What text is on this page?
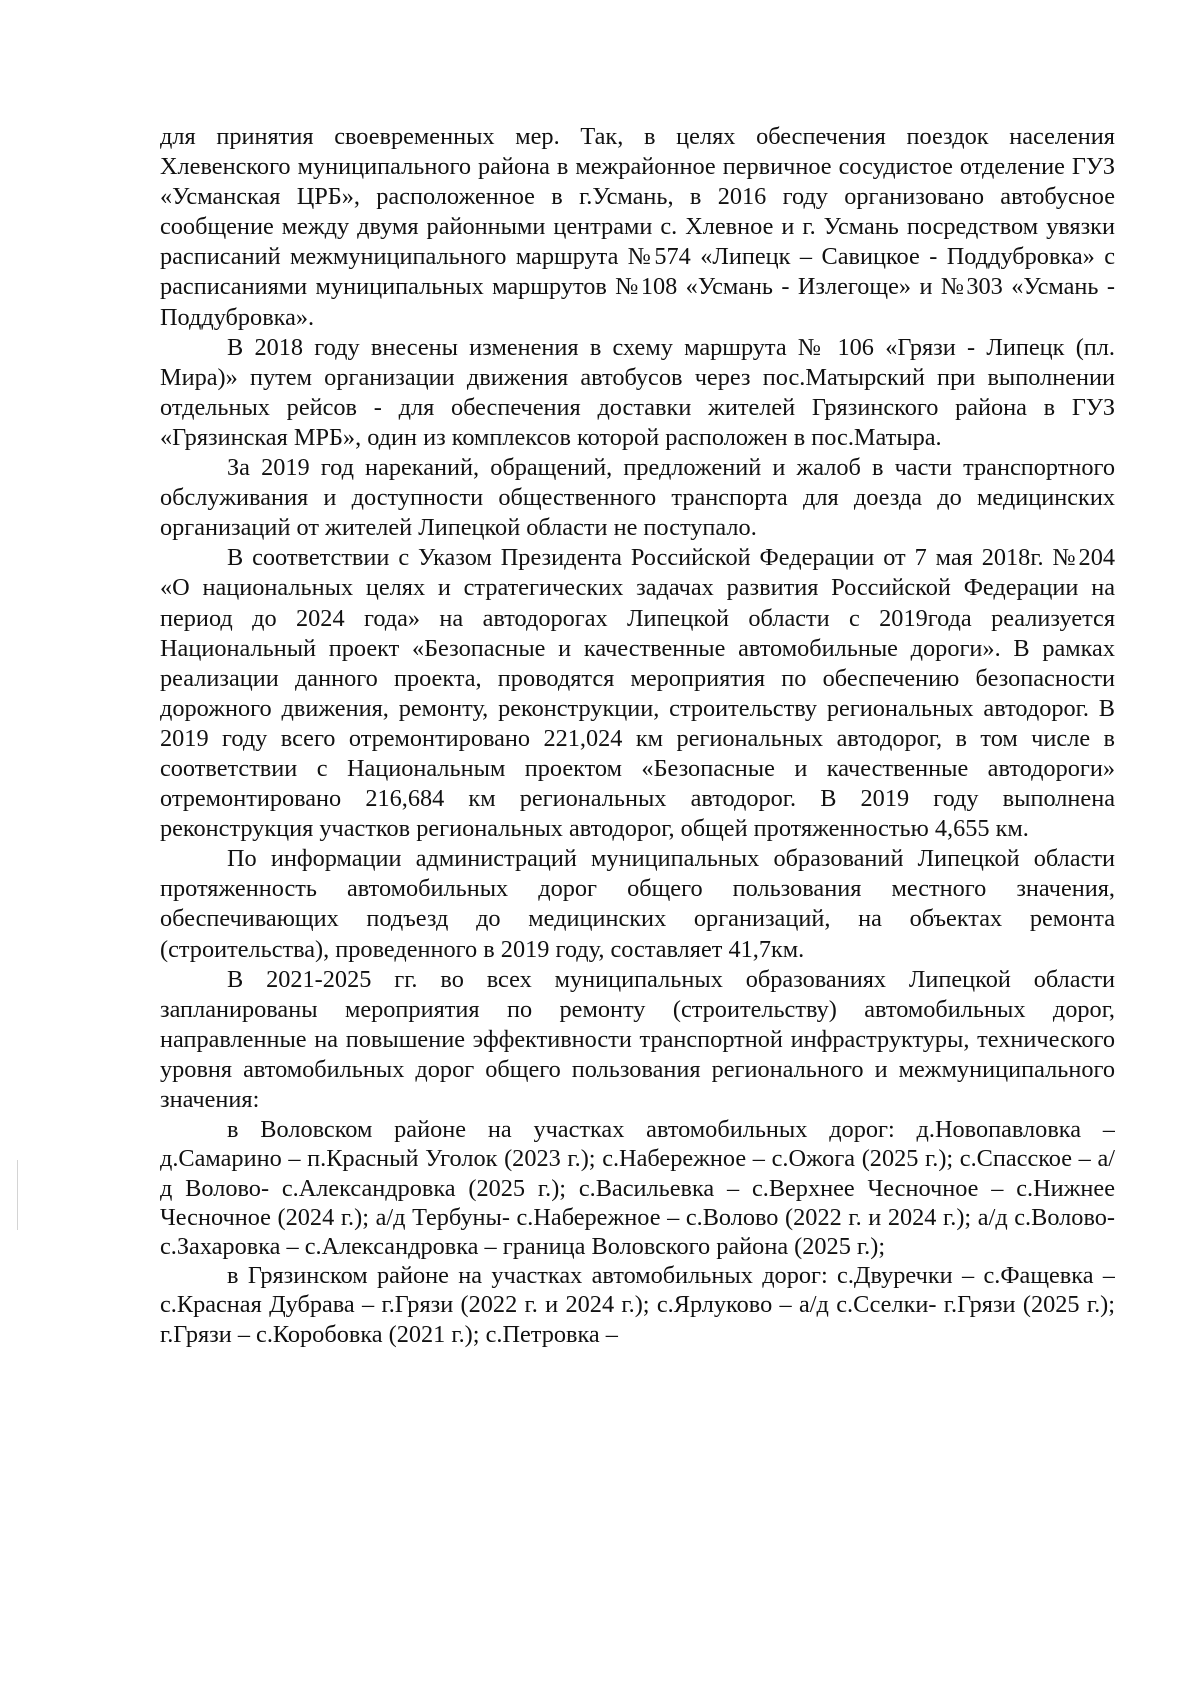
для принятия своевременных мер. Так, в целях обеспечения поездок населения Хлевенского муниципального района в межрайонное первичное сосудистое отделение ГУЗ «Усманская ЦРБ», расположенное в г.Усмань, в 2016 году организовано автобусное сообщение между двумя районными центрами с. Хлевное и г. Усмань посредством увязки расписаний межмуниципального маршрута №574 «Липецк – Савицкое - Поддубровка» с расписаниями муниципальных маршрутов №108 «Усмань - Излегоще» и №303 «Усмань - Поддубровка».

В 2018 году внесены изменения в схему маршрута № 106 «Грязи - Липецк (пл. Мира)» путем организации движения автобусов через пос.Матырский при выполнении отдельных рейсов - для обеспечения доставки жителей Грязинского района в ГУЗ «Грязинская МРБ», один из комплексов которой расположен в пос.Матыра.

За 2019 год нареканий, обращений, предложений и жалоб в части транспортного обслуживания и доступности общественного транспорта для доезда до медицинских организаций от жителей Липецкой области не поступало.

В соответствии с Указом Президента Российской Федерации от 7 мая 2018г. №204 «О национальных целях и стратегических задачах развития Российской Федерации на период до 2024 года» на автодорогах Липецкой области с 2019года реализуется Национальный проект «Безопасные и качественные автомобильные дороги». В рамках реализации данного проекта, проводятся мероприятия по обеспечению безопасности дорожного движения, ремонту, реконструкции, строительству региональных автодорог. В 2019 году всего отремонтировано 221,024 км региональных автодорог, в том числе в соответствии с Национальным проектом «Безопасные и качественные автодороги» отремонтировано 216,684 км региональных автодорог. В 2019 году выполнена реконструкция участков региональных автодорог, общей протяженностью 4,655 км.

По информации администраций муниципальных образований Липецкой области протяженность автомобильных дорог общего пользования местного значения, обеспечивающих подъезд до медицинских организаций, на объектах ремонта (строительства), проведенного в 2019 году, составляет 41,7км.

В 2021-2025 гг. во всех муниципальных образованиях Липецкой области запланированы мероприятия по ремонту (строительству) автомобильных дорог, направленные на повышение эффективности транспортной инфраструктуры, технического уровня автомобильных дорог общего пользования регионального и межмуниципального значения:

в Воловском районе на участках автомобильных дорог: д.Новопавловка – д.Самарино – п.Красный Уголок (2023 г.); с.Набережное – с.Ожога (2025 г.); с.Спасское – а/д Волово- с.Александровка (2025 г.); с.Васильевка – с.Верхнее Чесночное – с.Нижнее Чесночное (2024 г.); а/д Тербуны- с.Набережное – с.Волово (2022 г. и 2024 г.); а/д с.Волово-с.Захаровка – с.Александровка – граница Воловского района (2025 г.);

в Грязинском районе на участках автомобильных дорог: с.Двуречки – с.Фащевка – с.Красная Дубрава – г.Грязи (2022 г. и 2024 г.); с.Ярлуково – а/д с.Сселки- г.Грязи (2025 г.); г.Грязи – с.Коробовка (2021 г.); с.Петровка –
